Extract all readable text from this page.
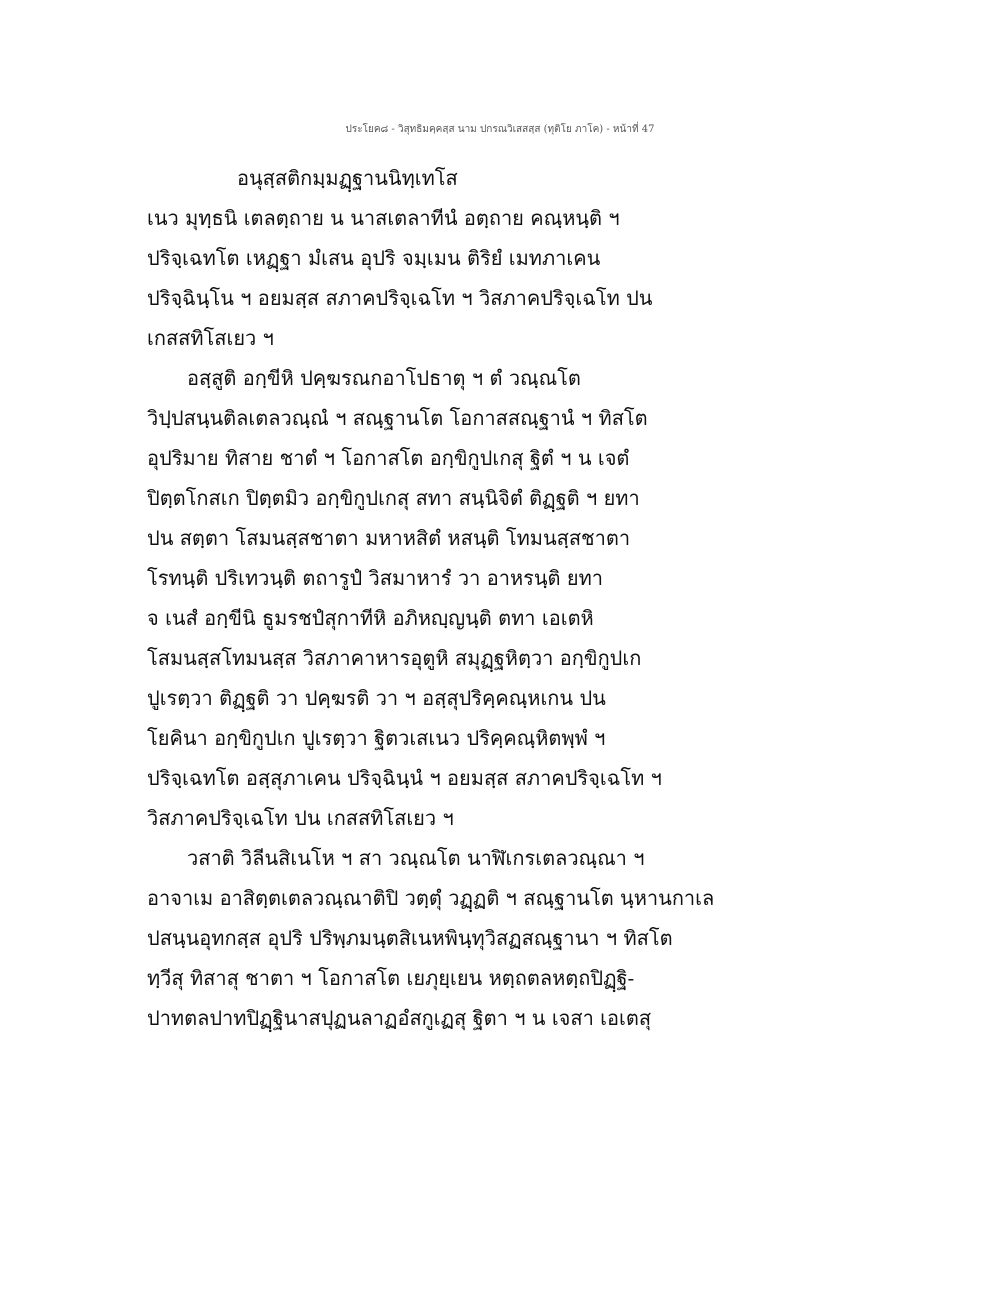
ประโยค๘ - วิสุทธิมคฺคสฺส นาม ปกรณวิเสสสฺส (ทุติโย ภาโค) - หน้าที่ 47
อนุสฺสติกมฺมฏฺฐานนิทฺเทโส
เนว มุทฺธนิ เตลตฺถาย น นาสเตลาทีนํ อตฺถาย คณฺหนฺติ ฯ
ปริจฺเฉทโต เหฏฺฐา มํเสน อุปริ จมฺเมน ติริยํ เมทภาเคน
ปริจฺฉินฺโน ฯ อยมสฺส สภาคปริจฺเฉโท ฯ วิสภาคปริจฺเฉโท ปน
เกสสทิโสเยว ฯ
อสฺสูติ อกฺขีหิ ปคฺฆรณกอาโปธาตุ ฯ ตํ วณฺณโต
วิปฺปสนฺนติลเตลวณฺณํ ฯ สณฺฐานโต โอกาสสณฺฐานํ ฯ ทิสโต
อุปริมาย ทิสาย ชาตํ ฯ โอกาสโต อกฺขิกูปเกสุ ฐิตํ ฯ น เจตํ
ปิตฺตโกสเก ปิตฺตมิว อกฺขิกูปเกสุ สทา สนฺนิจิตํ ติฏฺฐติ ฯ ยทา
ปน สตฺตา โสมนสฺสชาตา มหาหสิตํ หสนฺติ โทมนสฺสชาตา
โรทนฺติ ปริเทวนฺติ ตถารูปํ วิสมาหารํ วา อาหรนฺติ ยทา
จ เนสํ อกฺขีนิ ธูมรชปํสุกาทีหิ อภิหญฺญนฺติ ตทา เอเตหิ
โสมนสฺสโทมนสฺส วิสภาคาหารอุตูหิ สมุฏฺฐหิตฺวา อกฺขิกูปเก
ปูเรตฺวา ติฏฺฐติ วา ปคฺฆรติ วา ฯ อสฺสุปริคฺคณฺหเกน ปน
โยคินา อกฺขิกูปเก ปูเรตฺวา ฐิตวเสเนว ปริคฺคณฺหิตพฺพํ ฯ
ปริจฺเฉทโต อสฺสุภาเคน ปริจฺฉินฺนํ ฯ อยมสฺส สภาคปริจฺเฉโท ฯ
วิสภาคปริจฺเฉโท ปน เกสสทิโสเยว ฯ
วสาติ วิลีนสิเนโห ฯ สา วณฺณโต นาฬิเกรเตลวณฺณา ฯ
อาจาเม อาสิตฺตเตลวณฺณาติปิ วตฺตุํ วฏฺฏติ ฯ สณฺฐานโต นฺหานกาเล
ปสนฺนอุทกสฺส อุปริ ปริพฺภมนฺตสิเนหพินฺทุวิสฏสณฺฐานา ฯ ทิสโต
ทฺวีสุ ทิสาสุ ชาตา ฯ โอกาสโต เยภุยฺเยน หตฺถตลหตฺถปิฏฺฐิ-
ปาทตลปาทปิฏฺฐินาสปุฏนลาฏอํสกูเฏสุ ฐิตา ฯ น เจสา เอเตสุ
